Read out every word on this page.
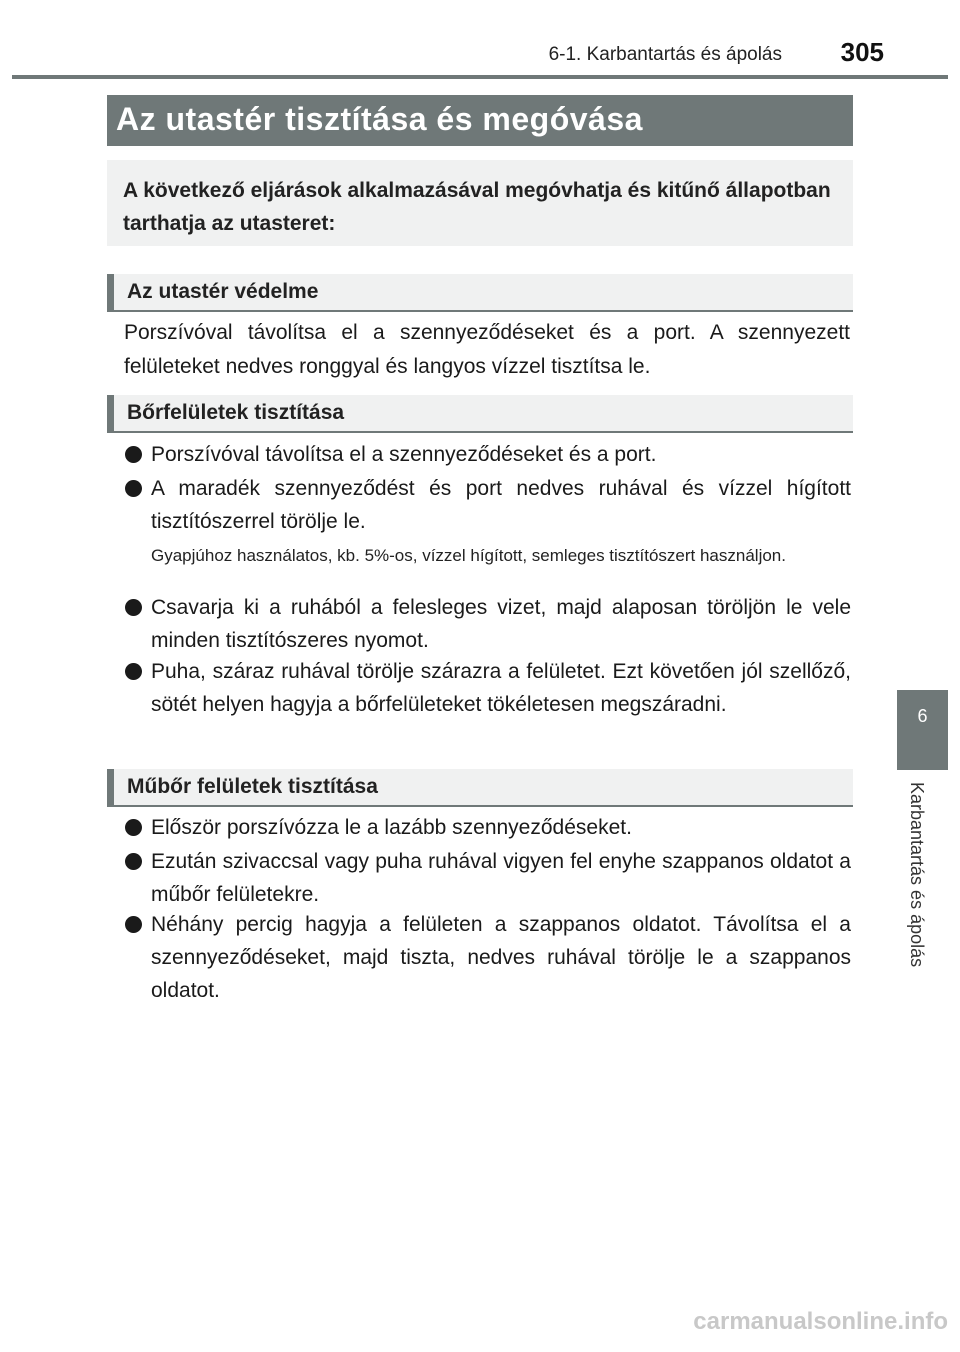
6-1. Karbantartás és ápolás 305
6
Karbantartás és ápolás
Az utastér tisztítása és megóvása

A következő eljárások alkalmazásával megóvhatja és kitűnő állapotban tarthatja az utasteret:

Az utastér védelme
Porszívóval távolítsa el a szennyeződéseket és a port. A szennyezett felületeket nedves ronggyal és langyos vízzel tisztítsa le.
Bőrfelületek tisztítása
Porszívóval távolítsa el a szennyeződéseket és a port.
A maradék szennyeződést és port nedves ruhával és vízzel hígított tisztítószerrel törölje le.
Gyapjúhoz használatos, kb. 5%-os, vízzel hígított, semleges tisztítószert használjon.
Csavarja ki a ruhából a felesleges vizet, majd alaposan töröljön le vele minden tisztítószeres nyomot.
Puha, száraz ruhával törölje szárazra a felületet. Ezt követően jól szellőző, sötét helyen hagyja a bőrfelületeket tökéletesen megszáradni.
Műbőr felületek tisztítása
Először porszívózza le a lazább szennyeződéseket.
Ezután szivaccsal vagy puha ruhával vigyen fel enyhe szappanos oldatot a műbőr felületekre.
Néhány percig hagyja a felületen a szappanos oldatot. Távolítsa el a szennyeződéseket, majd tiszta, nedves ruhával törölje le a szappanos oldatot.
carmanualsonline.info
